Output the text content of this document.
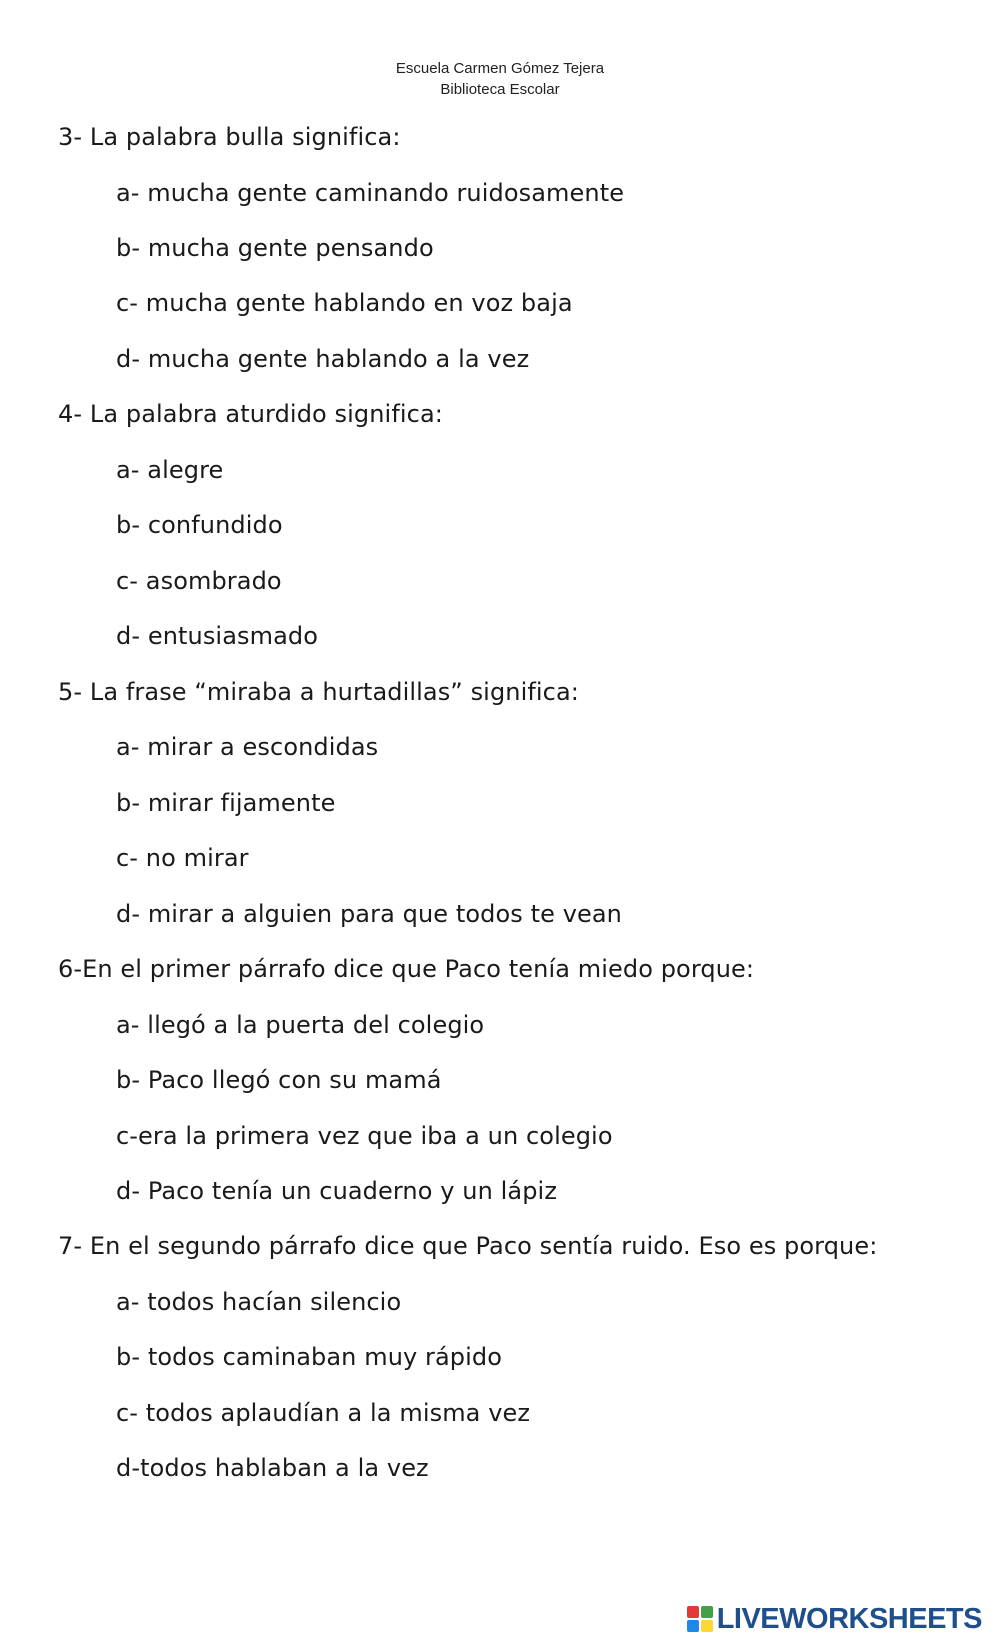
Escuela Carmen Gómez Tejera
Biblioteca Escolar
3- La palabra bulla significa:
a- mucha gente caminando ruidosamente
b- mucha gente pensando
c- mucha gente hablando en voz baja
d- mucha gente hablando a la vez
4- La palabra aturdido significa:
a- alegre
b- confundido
c- asombrado
d- entusiasmado
5- La frase “miraba a hurtadillas” significa:
a- mirar a escondidas
b- mirar fijamente
c- no mirar
d- mirar a alguien para que todos te vean
6-En el primer párrafo dice que Paco tenía miedo porque:
a- llegó a la puerta del colegio
b- Paco llegó con su mamá
c-era la primera vez que iba a un colegio
d- Paco tenía un cuaderno y un lápiz
7- En el segundo párrafo dice que Paco sentía ruido. Eso es porque:
a- todos hacían silencio
b- todos caminaban muy rápido
c- todos aplaudían a la misma vez
d-todos hablaban a la vez
LIVEWORKSHEETS
